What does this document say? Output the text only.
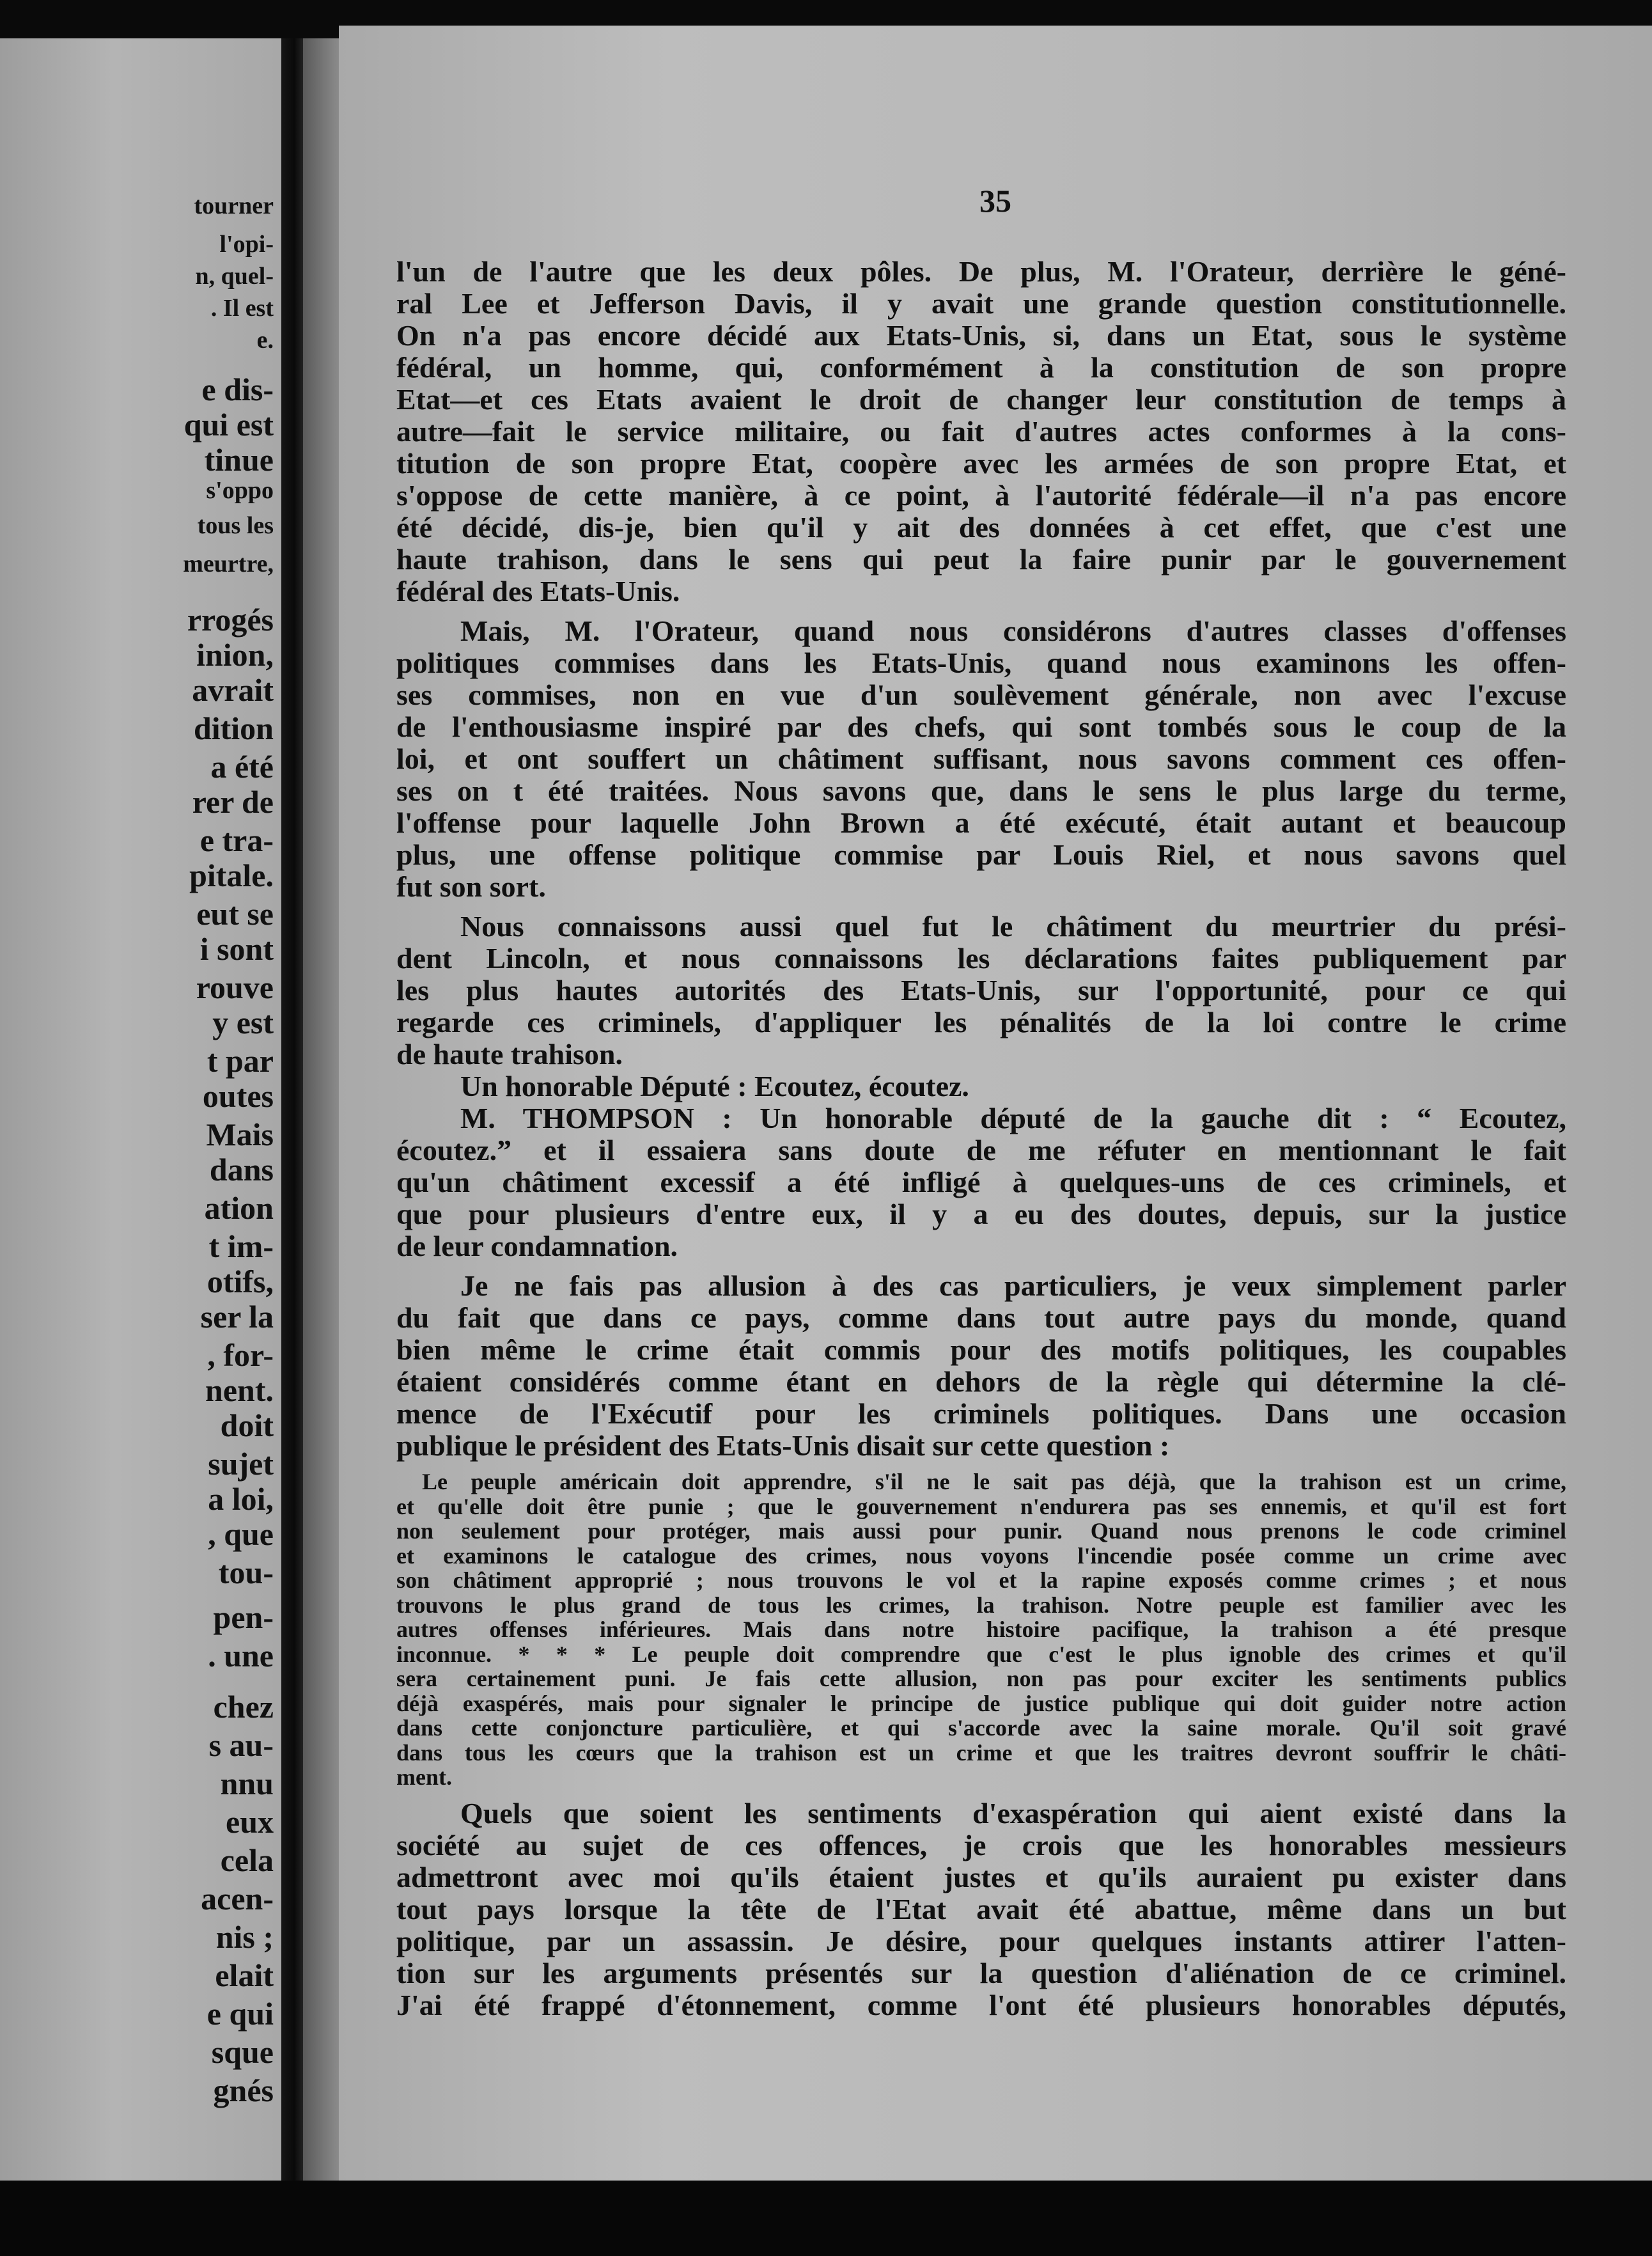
tourner
l'opi-
n, quel-
. Il est
e.
e dis-
qui est
tinue
s'oppo
tous les
meurtre,
rrogés
inion,
avrait
dition
a été
rer de
e tra-
pitale.
eut se
i sont
rouve
y est
t par
outes
Mais
dans
ation
t im-
otifs,
ser la
, for-
nent.
doit
sujet
a loi,
, que
tou-
pen-
. une
chez
s au-
nnu
eux
cela
acen-
nis ;
elait
e qui
sque
gnés
35
l'un de l'autre que les deux pôles. De plus, M. l'Orateur, derrière le géné-
ral Lee et Jefferson Davis, il y avait une grande question constitutionnelle.
On n'a pas encore décidé aux Etats-Unis, si, dans un Etat, sous le système
fédéral, un homme, qui, conformément à la constitution de son propre
Etat—et ces Etats avaient le droit de changer leur constitution de temps à
autre—fait le service militaire, ou fait d'autres actes conformes à la cons-
titution de son propre Etat, coopère avec les armées de son propre Etat, et
s'oppose de cette manière, à ce point, à l'autorité fédérale—il n'a pas encore
été décidé, dis-je, bien qu'il y ait des données à cet effet, que c'est une
haute trahison, dans le sens qui peut la faire punir par le gouvernement
fédéral des Etats-Unis.
Mais, M. l'Orateur, quand nous considérons d'autres classes d'offenses
politiques commises dans les Etats-Unis, quand nous examinons les offen-
ses commises, non en vue d'un soulèvement générale, non avec l'excuse
de l'enthousiasme inspiré par des chefs, qui sont tombés sous le coup de la
loi, et ont souffert un châtiment suffisant, nous savons comment ces offen-
ses on t été traitées. Nous savons que, dans le sens le plus large du terme,
l'offense pour laquelle John Brown a été exécuté, était autant et beaucoup
plus, une offense politique commise par Louis Riel, et nous savons quel
fut son sort.
Nous connaissons aussi quel fut le châtiment du meurtrier du prési-
dent Lincoln, et nous connaissons les déclarations faites publiquement par
les plus hautes autorités des Etats-Unis, sur l'opportunité, pour ce qui
regarde ces criminels, d'appliquer les pénalités de la loi contre le crime
de haute trahison.
Un honorable Député : Ecoutez, écoutez.
M. THOMPSON : Un honorable député de la gauche dit : “ Ecoutez,
écoutez.” et il essaiera sans doute de me réfuter en mentionnant le fait
qu'un châtiment excessif a été infligé à quelques-uns de ces criminels, et
que pour plusieurs d'entre eux, il y a eu des doutes, depuis, sur la justice
de leur condamnation.
Je ne fais pas allusion à des cas particuliers, je veux simplement parler
du fait que dans ce pays, comme dans tout autre pays du monde, quand
bien même le crime était commis pour des motifs politiques, les coupables
étaient considérés comme étant en dehors de la règle qui détermine la clé-
mence de l'Exécutif pour les criminels politiques. Dans une occasion
publique le président des Etats-Unis disait sur cette question :
Le peuple américain doit apprendre, s'il ne le sait pas déjà, que la trahison est un crime,
et qu'elle doit être punie ; que le gouvernement n'endurera pas ses ennemis, et qu'il est fort
non seulement pour protéger, mais aussi pour punir. Quand nous prenons le code criminel
et examinons le catalogue des crimes, nous voyons l'incendie posée comme un crime avec
son châtiment approprié ; nous trouvons le vol et la rapine exposés comme crimes ; et nous
trouvons le plus grand de tous les crimes, la trahison. Notre peuple est familier avec les
autres offenses inférieures. Mais dans notre histoire pacifique, la trahison a été presque
inconnue. * * * Le peuple doit comprendre que c'est le plus ignoble des crimes et qu'il
sera certainement puni. Je fais cette allusion, non pas pour exciter les sentiments publics
déjà exaspérés, mais pour signaler le principe de justice publique qui doit guider notre action
dans cette conjoncture particulière, et qui s'accorde avec la saine morale. Qu'il soit gravé
dans tous les cœurs que la trahison est un crime et que les traitres devront souffrir le châti-
ment.
Quels que soient les sentiments d'exaspération qui aient existé dans la
société au sujet de ces offences, je crois que les honorables messieurs
admettront avec moi qu'ils étaient justes et qu'ils auraient pu exister dans
tout pays lorsque la tête de l'Etat avait été abattue, même dans un but
politique, par un assassin. Je désire, pour quelques instants attirer l'atten-
tion sur les arguments présentés sur la question d'aliénation de ce criminel.
J'ai été frappé d'étonnement, comme l'ont été plusieurs honorables députés,
